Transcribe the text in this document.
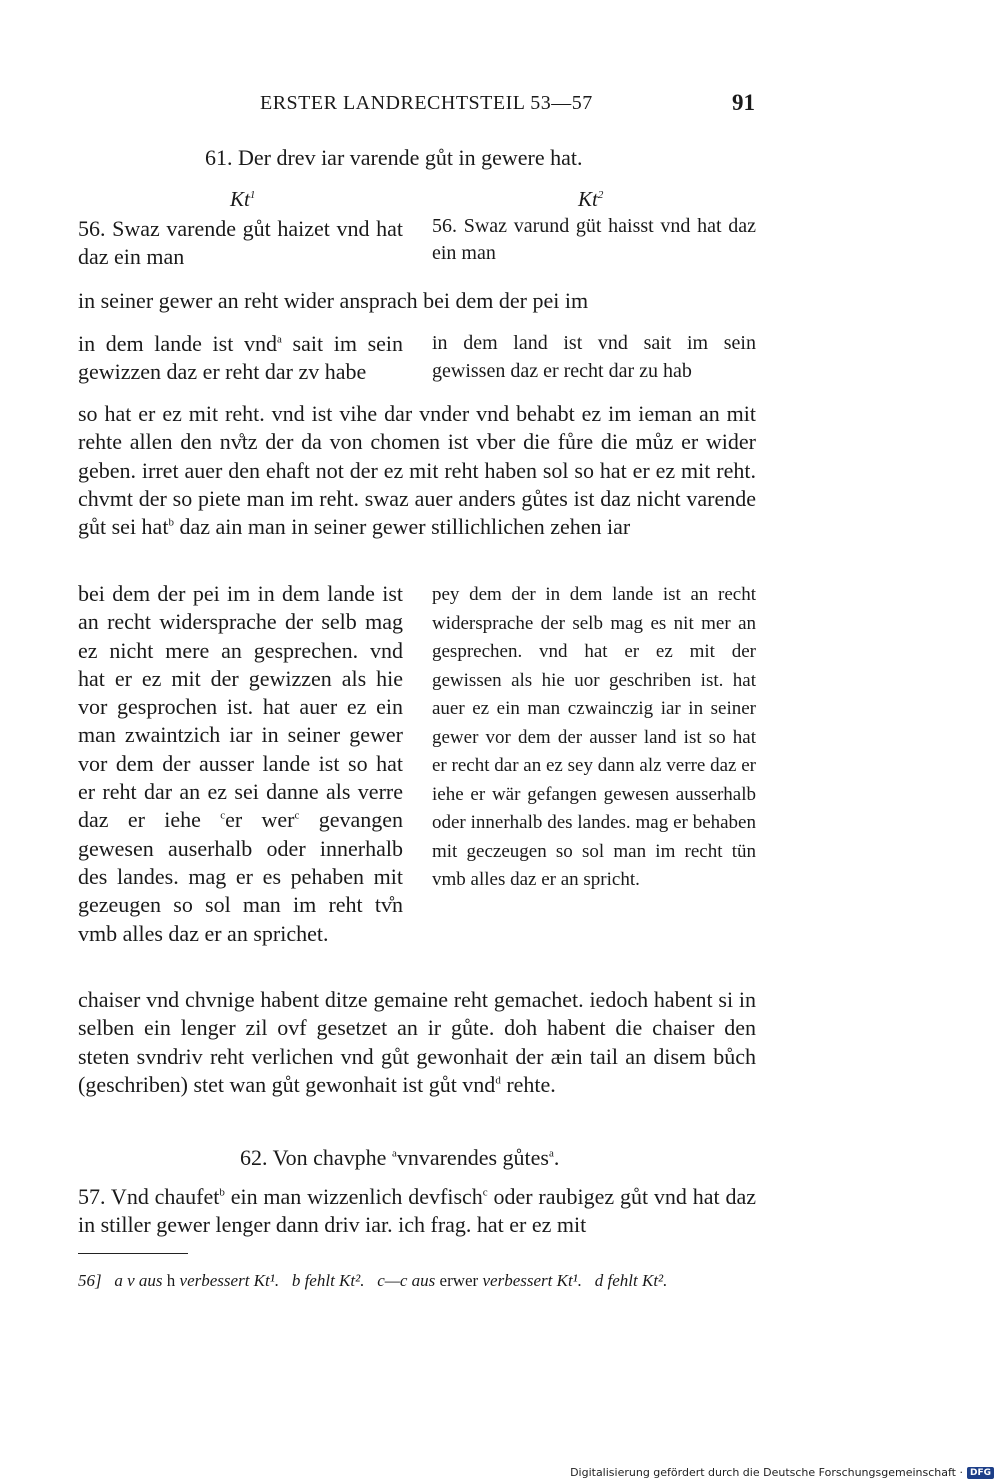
ERSTER LANDRECHTSTEIL 53—57	91
61. Der drev iar varende gůt in gewere hat.
Kt$^1$	Kt$^2$

56. Swaz varende gůt haizet vnd hat daz ein man

56. Swaz varund güt haisst vnd hat daz ein man

in seiner gewer an reht wider ansprach bei dem der pei im

in dem lande ist vnd$^a$ sait im sein gewizzen daz er reht dar zv habe

in dem land ist vnd sait im sein gewissen daz er recht dar zu hab

so hat er ez mit reht. vnd ist vihe dar vnder vnd behabt ez im ieman an mit rehte allen den nv̊tz der da von chomen ist vber die fůre die můz er wider geben. irret auer den ehaft not der ez mit reht haben sol so hat er ez mit reht. chvmt der so piete man im reht. swaz auer anders gůtes ist daz nicht varende gůt sei hat$^b$ daz ain man in seiner gewer stillichlichen zehen iar

bei dem der pei im in dem lande ist an recht widersprache der selb mag ez nicht mere an gesprechen. vnd hat er ez mit der gewizzen als hie vor gesprochen ist. hat auer ez ein man zwaintzich iar in seiner gewer vor dem der ausser lande ist so hat er reht dar an ez sei danne als verre daz er iehe $^c$er wer$^c$ gevangen gewesen auserhalb oder innerhalb des landes. mag er es pehaben mit gezeugen so sol man im reht tv̊n vmb alles daz er an sprichet.

pey dem der in dem lande ist an recht widersprache der selb mag es nit mer an gesprechen. vnd hat er ez mit der gewissen als hie uor geschriben ist. hat auer ez ein man czwainczig iar in seiner gewer vor dem der ausser land ist so hat er recht dar an ez sey dann alz verre daz er iehe er wär gefangen gewesen ausserhalb oder innerhalb des landes. mag er behaben mit geczeugen so sol man im recht tün vmb alles daz er an spricht.

chaiser vnd chvnige habent ditze gemaine reht gemachet. iedoch habent si in selben ein lenger zil ovf gesetzet an ir gůte. doh habent die chaiser den steten svndriv reht verlichen vnd gůt gewonhait der æin tail an disem bůch (geschriben) stet wan gůt gewonhait ist gůt vnd$^d$ rehte.

62. Von chavphe $^a$vnvarendes gůtes$^a$.

57. Vnd chaufet$^b$ ein man wizzenlich devfisch$^c$ oder raubigez gůt vnd hat daz in stiller gewer lenger dann driv iar. ich frag. hat er ez mit

56] a v aus h verbessert Kt¹. b fehlt Kt². c—c aus erwer verbessert Kt¹. d fehlt Kt².
Digitalisierung gefördert durch die Deutsche Forschungsgemeinschaft · DFG
